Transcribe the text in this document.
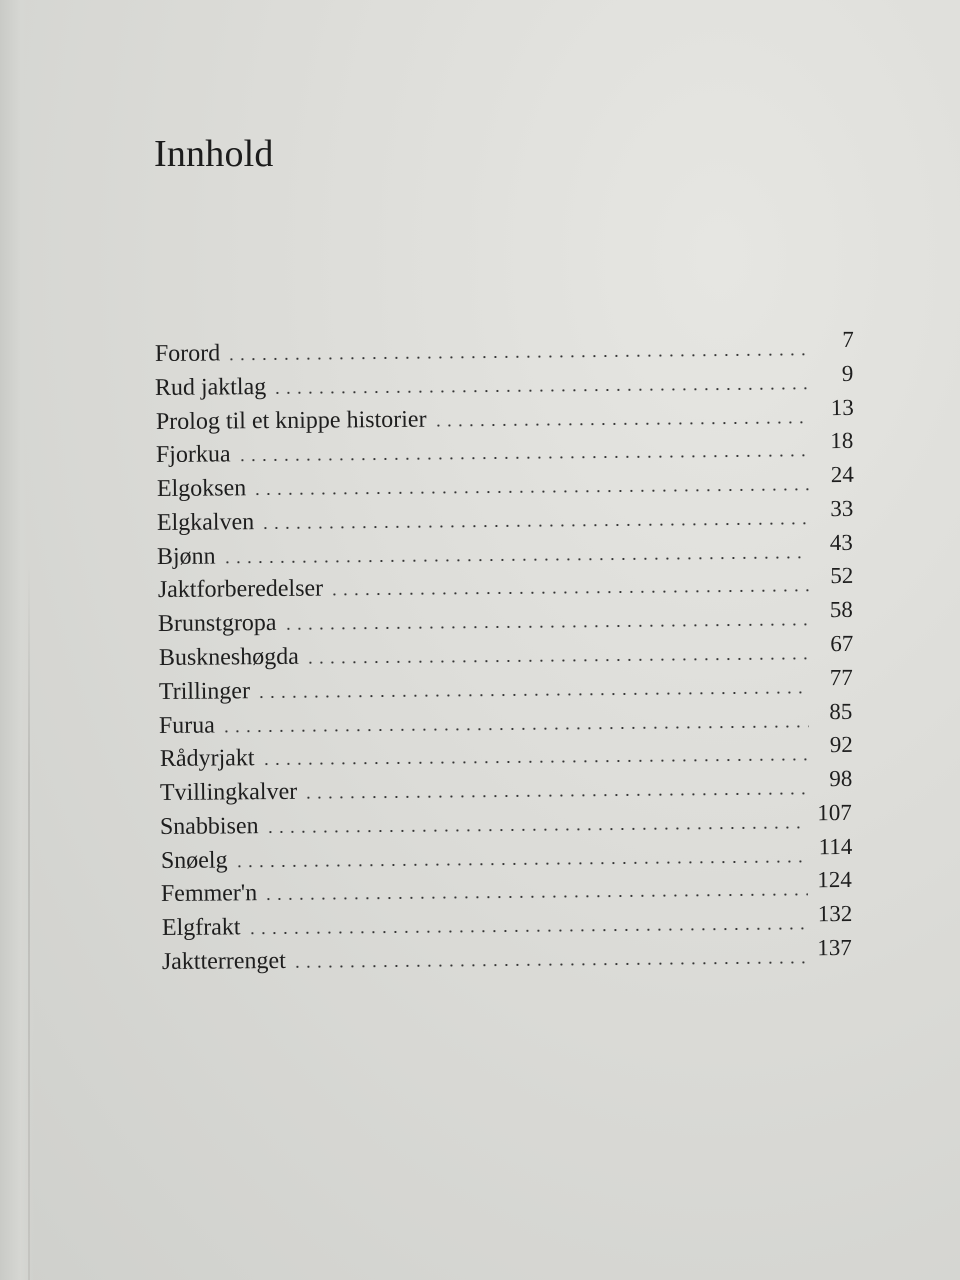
Innhold
Forord
7
Rud jaktlag
9
Prolog til et knippe historier	13
Fjorkua
18
Elgoksen
24
Elgkalven
33
Bjønn
43
Jaktforberedelser
52
Brunstgropa
58
Buskneshøgda
67
Trillinger
77
Furua
85
Rådyrjakt
92
Tvillingkalver
98
Snabbisen
107
Snøelg
114
Femmer'n
124
Elgfrakt
132
Jaktterrenget
137
